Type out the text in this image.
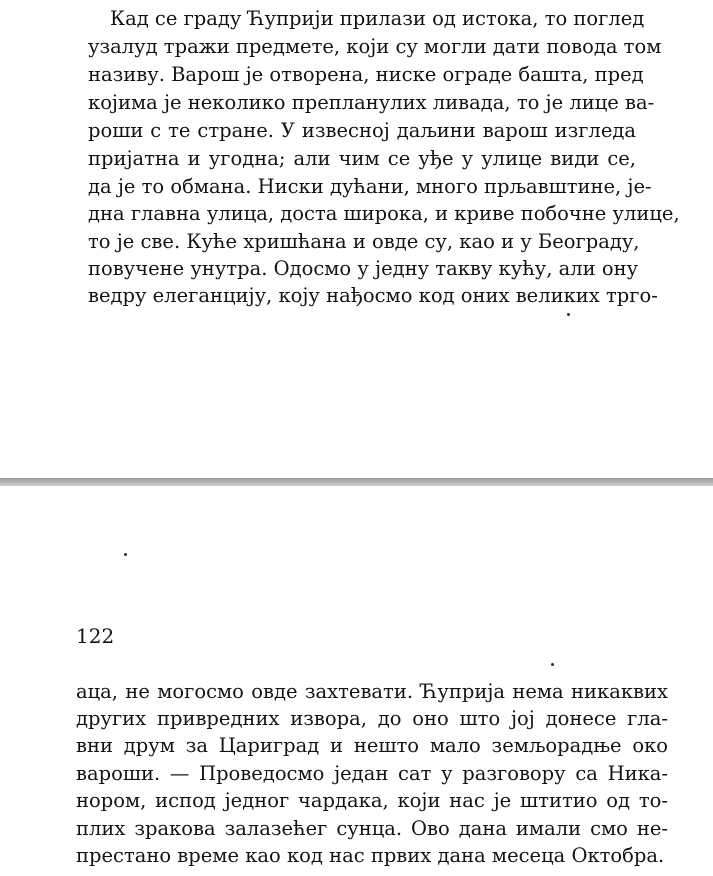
Кад се граду Ћуприји прилази од истока, то поглед
узалуд тражи предмете, који су могли дати повода том
називу. Варош је отворена, ниске ограде башта, пред
којима је неколико препланулих ливада, то је лице ва-
роши с те стране. У извесној даљини варош изгледа
пријатна и угодна; али чим се уђе у улице види се,
да је то обмана. Ниски дућани, много прљавштине, је-
дна главна улица, доста широка, и криве побочне улице,
то је све. Куће хришћана и овде су, као и у Београду,
повучене унутра. Одосмо у једну такву кућу, али ону
ведру елеганцију, коју нађосмо код оних великих трго-
122
аца, не могосмо овде захтевати. Ћуприја нема никаквих
других привредних извора, до оно што јој донесе гла-
вни друм за Цариград и нешто мало земљорадње око
вароши. — Проведосмо један сат у разговору са Ника-
нором, испод једног чардака, који нас је штитио од то-
плих зракова залазећег сунца. Ово дана имали смо не-
престано време као код нас првих дана месеца Октобра.
